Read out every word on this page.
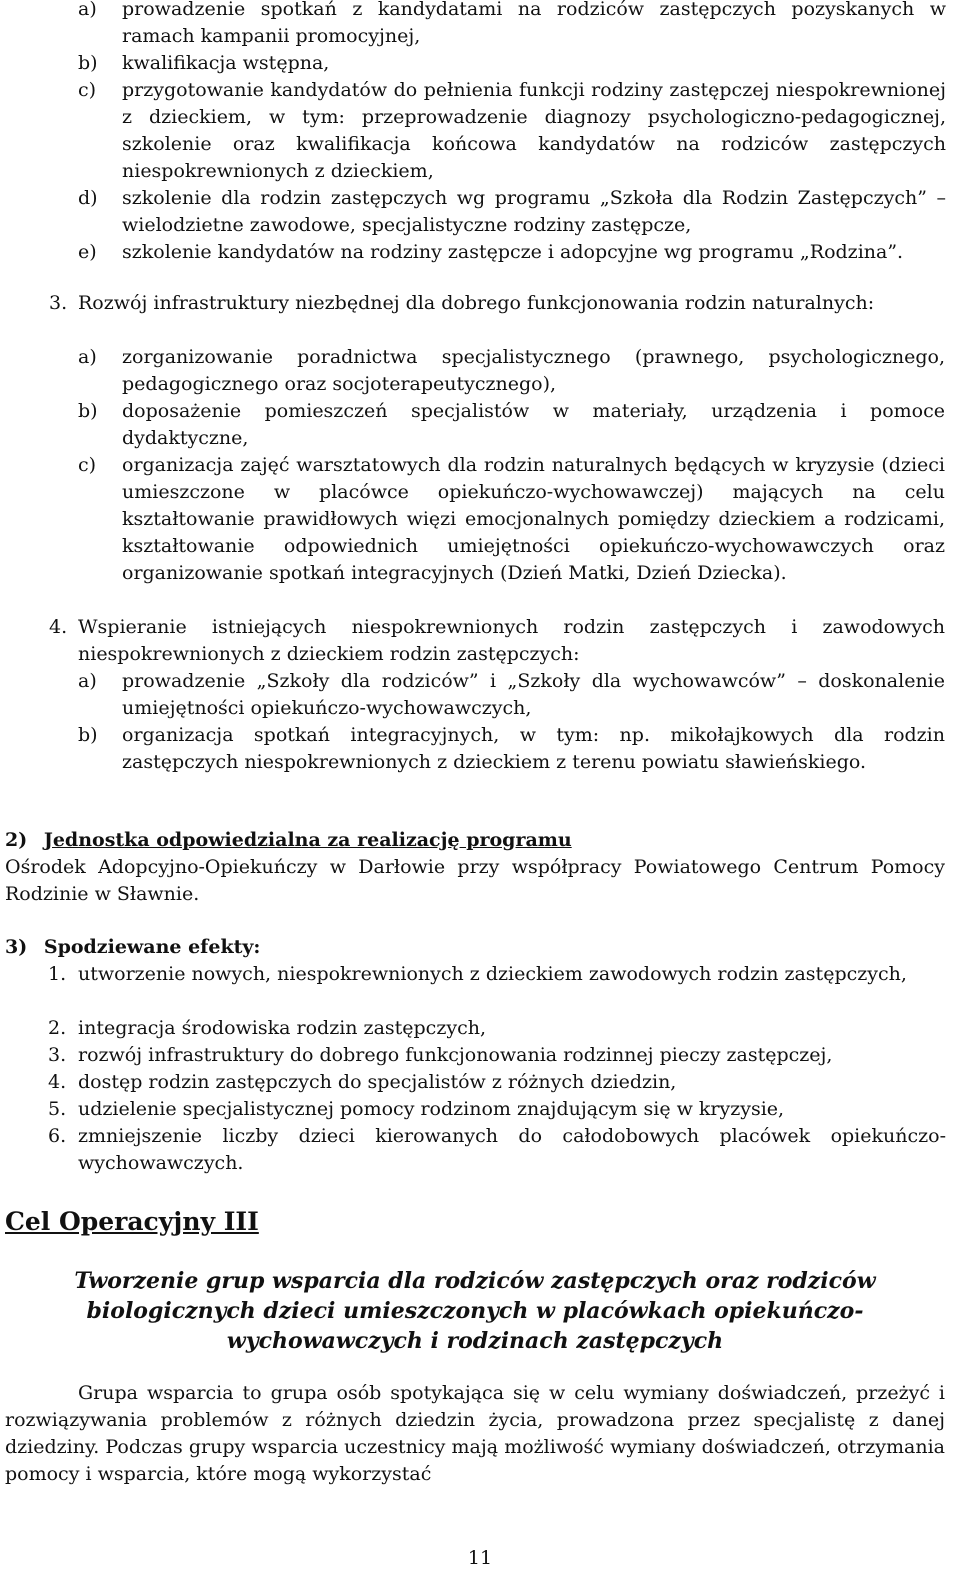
a) prowadzenie spotkań z kandydatami na rodziców zastępczych pozyskanych w ramach kampanii promocyjnej,
b) kwalifikacja wstępna,
c) przygotowanie kandydatów do pełnienia funkcji rodziny zastępczej niespokrewnionej z dzieckiem, w tym: przeprowadzenie diagnozy psychologiczno-pedagogicznej, szkolenie oraz kwalifikacja końcowa kandydatów na rodziców zastępczych niespokrewnionych z dzieckiem,
d) szkolenie dla rodzin zastępczych wg programu „Szkoła dla Rodzin Zastępczych” – wielodzietne zawodowe, specjalistyczne rodziny zastępcze,
e) szkolenie kandydatów na rodziny zastępcze i adopcyjne wg programu „Rodzina”.
3. Rozwój infrastruktury niezbędnej dla dobrego funkcjonowania rodzin naturalnych:
a) zorganizowanie poradnictwa specjalistycznego (prawnego, psychologicznego, pedagogicznego oraz socjoterapeutycznego),
b) doposażenie pomieszczeń specjalistów w materiały, urządzenia i pomoce dydaktyczne,
c) organizacja zajęć warsztatowych dla rodzin naturalnych będących w kryzysie (dzieci umieszczone w placówce opiekuńczo-wychowawczej) mających na celu kształtowanie prawidłowych więzi emocjonalnych pomiędzy dzieckiem a rodzicami, kształtowanie odpowiednich umiejętności opiekuńczo-wychowawczych oraz organizowanie spotkań integracyjnych (Dzień Matki, Dzień Dziecka).
4. Wspieranie istniejących niespokrewnionych rodzin zastępczych i zawodowych niespokrewnionych z dzieckiem rodzin zastępczych:
a) prowadzenie „Szkoły dla rodziców” i „Szkoły dla wychowawców” – doskonalenie umiejętności opiekuńczo-wychowawczych,
b) organizacja spotkań integracyjnych, w tym: np. mikołajkowych dla rodzin zastępczych niespokrewnionych z dzieckiem z terenu powiatu sławieńskiego.
2) Jednostka odpowiedzialna za realizację programu
Ośrodek Adopcyjno-Opiekuńczy w Darłowie przy współpracy Powiatowego Centrum Pomocy Rodzinie w Sławnie.
3) Spodziewane efekty:
1. utworzenie nowych, niespokrewnionych z dzieckiem zawodowych rodzin zastępczych,
2. integracja środowiska rodzin zastępczych,
3. rozwój infrastruktury do dobrego funkcjonowania rodzinnej pieczy zastępczej,
4. dostęp rodzin zastępczych do specjalistów z różnych dziedzin,
5. udzielenie specjalistycznej pomocy rodzinom znajdującym się w kryzysie,
6. zmniejszenie liczby dzieci kierowanych do całodobowych placówek opiekuńczo-wychowawczych.
Cel Operacyjny III
Tworzenie grup wsparcia dla rodziców zastępczych oraz rodziców biologicznych dzieci umieszczonych w placówkach opiekuńczo-wychowawczych i rodzinach zastępczych
Grupa wsparcia to grupa osób spotykająca się w celu wymiany doświadczeń, przeżyć i rozwiązywania problemów z różnych dziedzin życia, prowadzona przez specjalistę z danej dziedziny. Podczas grupy wsparcia uczestnicy mają możliwość wymiany doświadczeń, otrzymania pomocy i wsparcia, które mogą wykorzystać
11
